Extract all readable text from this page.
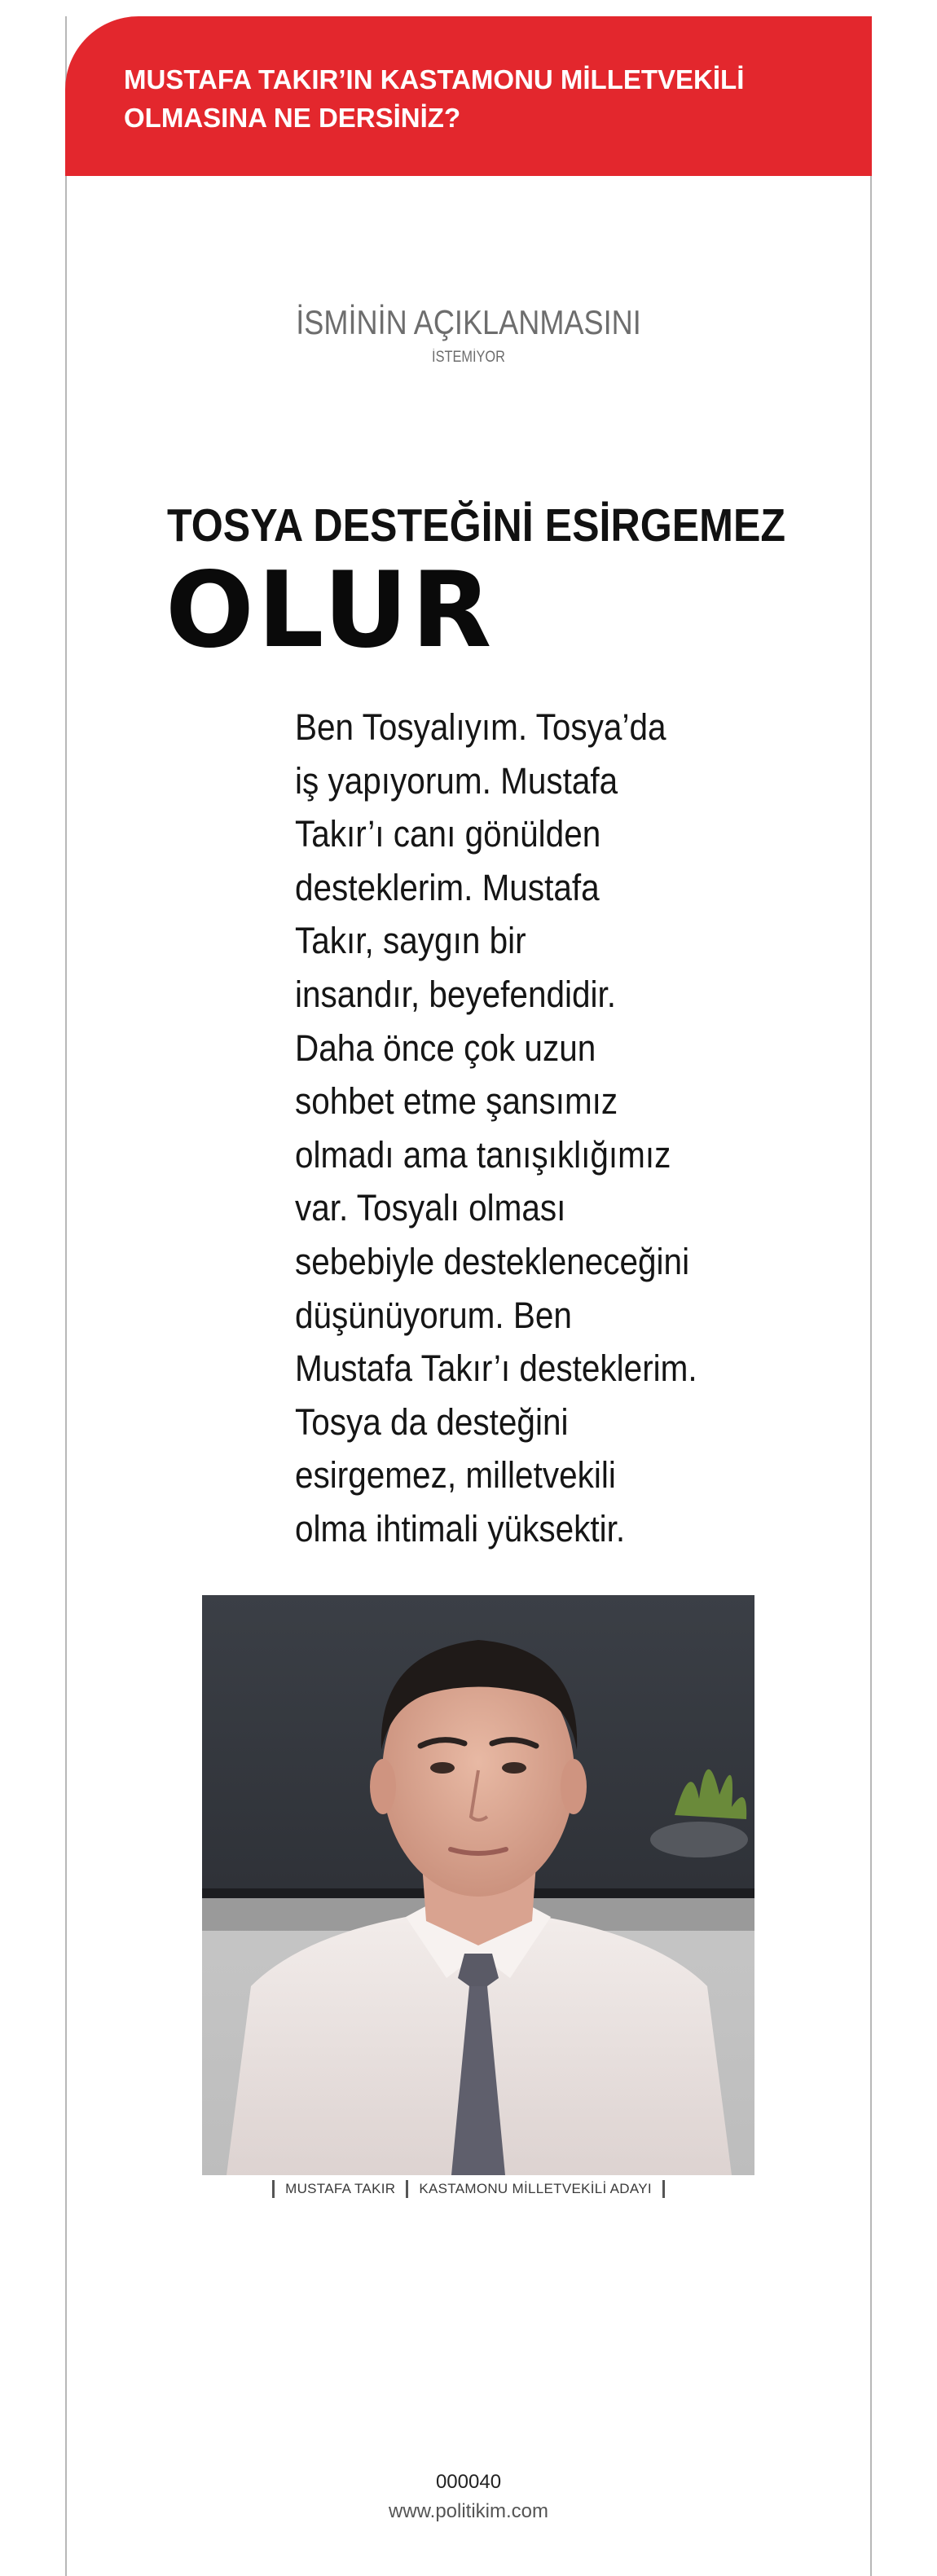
MUSTAFA TAKIR’IN KASTAMONU MİLLETVEKİLİ OLMASINA NE DERSİNİZ?

İSMİNİN AÇIKLANMASINI
İSTEMİYOR
TOSYA DESTEĞİNİ ESİRGEMEZ
OLUR
Ben Tosyalıyım. Tosya’da
iş yapıyorum. Mustafa
Takır’ı canı gönülden
desteklerim. Mustafa
Takır, saygın bir
insandır, beyefendidir.
Daha önce çok uzun
sohbet etme şansımız
olmadı ama tanışıklığımız
var. Tosyalı olması
sebebiyle destekleneceğini
düşünüyorum. Ben
Mustafa Takır’ı desteklerim.
Tosya da desteğini
esirgemez, milletvekili
olma ihtimali yüksektir.
MUSTAFA TAKIR KASTAMONU MİLLETVEKİLİ ADAYI
000040
www.politikim.com
